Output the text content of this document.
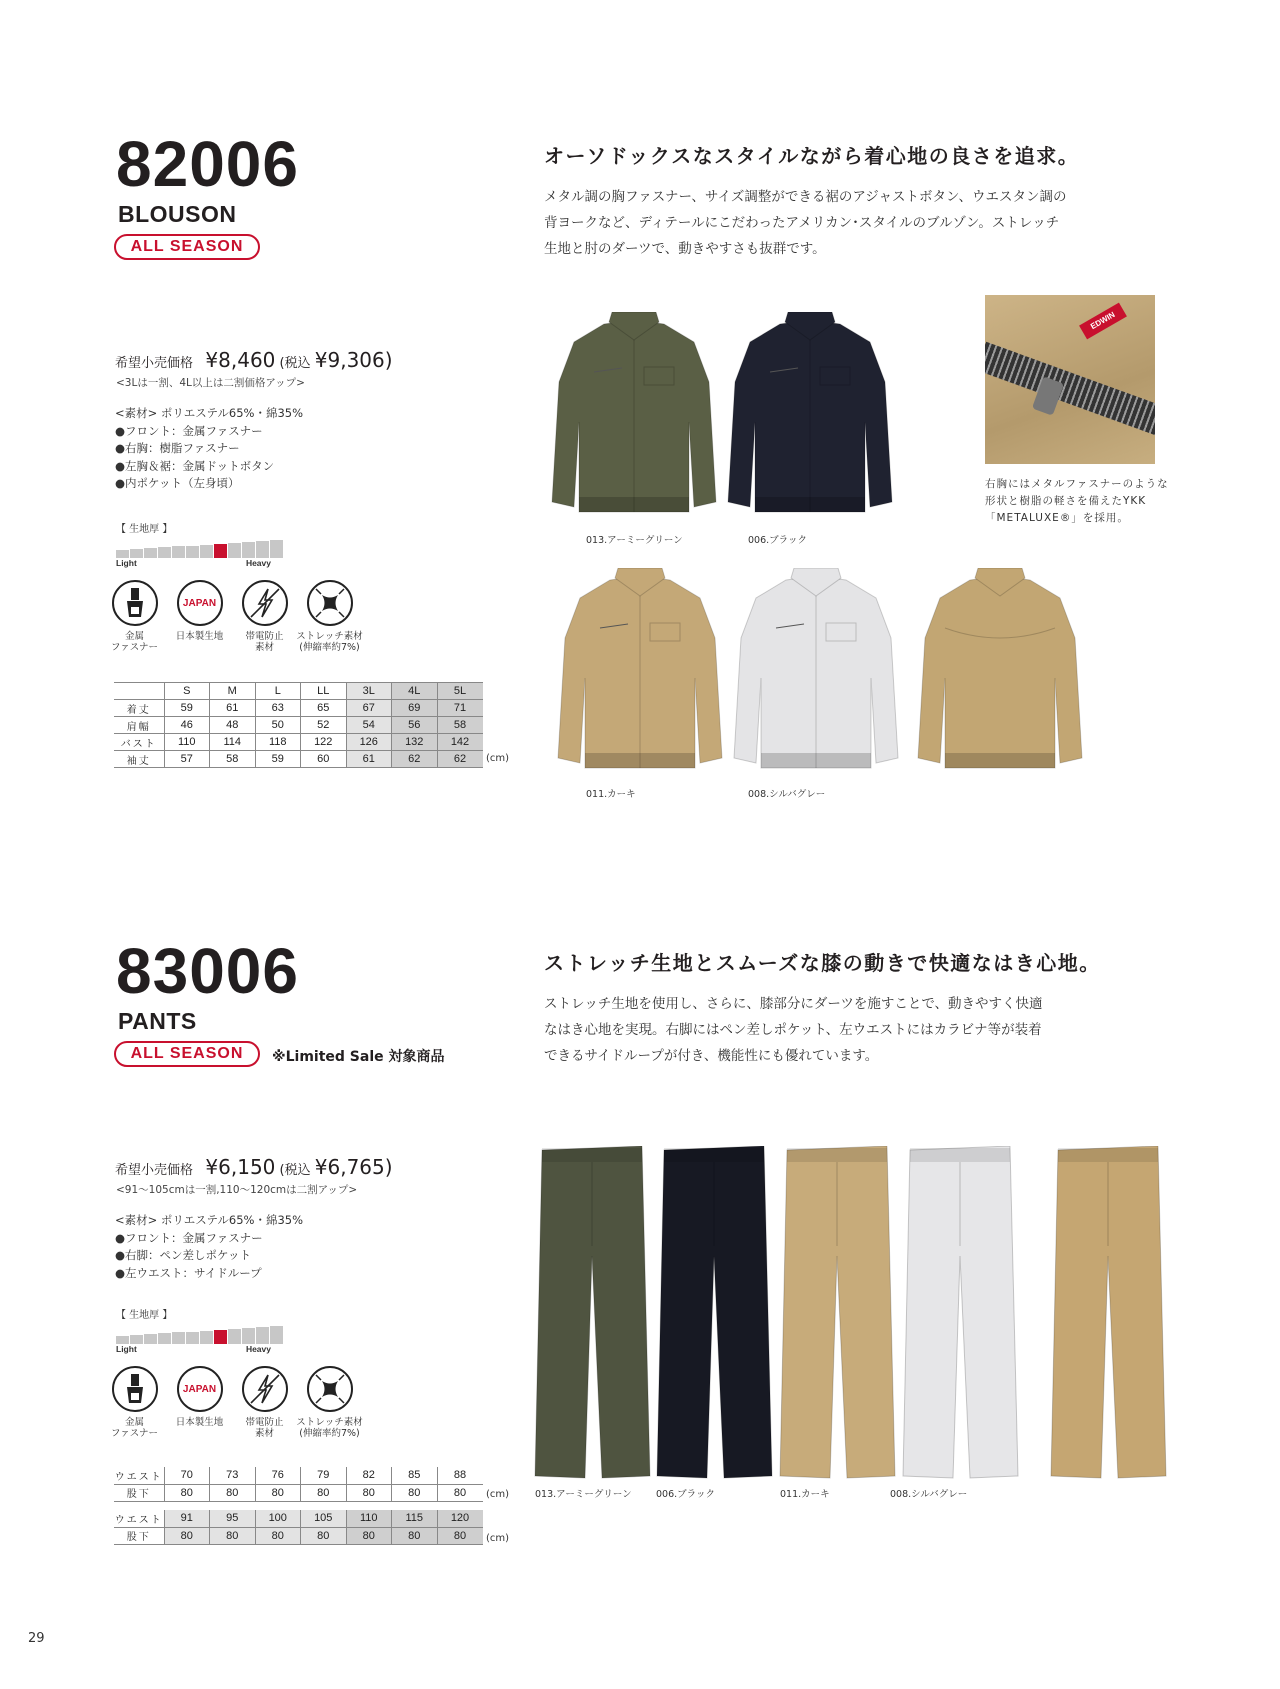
82006
BLOUSON
ALL SEASON
オーソドックスなスタイルながら着心地の良さを追求。
メタル調の胸ファスナー、サイズ調整ができる裾のアジャストボタン、ウエスタン調の
背ヨークなど、ディテールにこだわったアメリカン･スタイルのブルゾン。ストレッチ
生地と肘のダーツで、動きやすさも抜群です。
希望小売価格 ¥8,460 (税込 ¥9,306)
<3Lは一割、4L以上は二割価格アップ>
<素材> ポリエステル65%・綿35%
●フロント：金属ファスナー
●右胸：樹脂ファスナー
●左胸＆裾：金属ドットボタン
●内ポケット（左身頃）
【 生地厚 】
Light	Heavy
金属
ファスナー
JAPAN
日本製生地	帯電防止
素材
ストレッチ素材
(伸縮率約7%)
	S	M	L	LL	3L	4L	5L
着丈	59	61	63	65	67	69	71
肩幅	46	48	50	52	54	56	58
バスト	110	114	118	122	126	132	142
袖丈	57	58	59	60	61	62	62 (cm)
013.アーミーグリーン	006.ブラック
011.カーキ	008.シルバグレー
EDWIN
右胸にはメタルファスナーのような
形状と樹脂の軽さを備えたYKK
「METALUXE®」を採用。
83006
PANTS
ALL SEASON	※Limited Sale 対象商品
ストレッチ生地とスムーズな膝の動きで快適なはき心地。
ストレッチ生地を使用し、さらに、膝部分にダーツを施すことで、動きやすく快適
なはき心地を実現。右脚にはペン差しポケット、左ウエストにはカラビナ等が装着
できるサイドループが付き、機能性にも優れています。
希望小売価格 ¥6,150 (税込 ¥6,765)
<91〜105cmは一割,110〜120cmは二割アップ>
<素材> ポリエステル65%・綿35%
●フロント：金属ファスナー
●右脚：ペン差しポケット
●左ウエスト：サイドループ
【 生地厚 】
Light	Heavy
金属
ファスナー
JAPAN
日本製生地	帯電防止
素材
ストレッチ素材
(伸縮率約7%)
ウエスト	70	73	76	79	82	85	88
股下	80	80	80	80	80	80	80 (cm)
ウエスト	91	95	100	105	110	115	120
股下	80	80	80	80	80	80	80 (cm)
013.アーミーグリーン	006.ブラック	011.カーキ	008.シルバグレー
29
